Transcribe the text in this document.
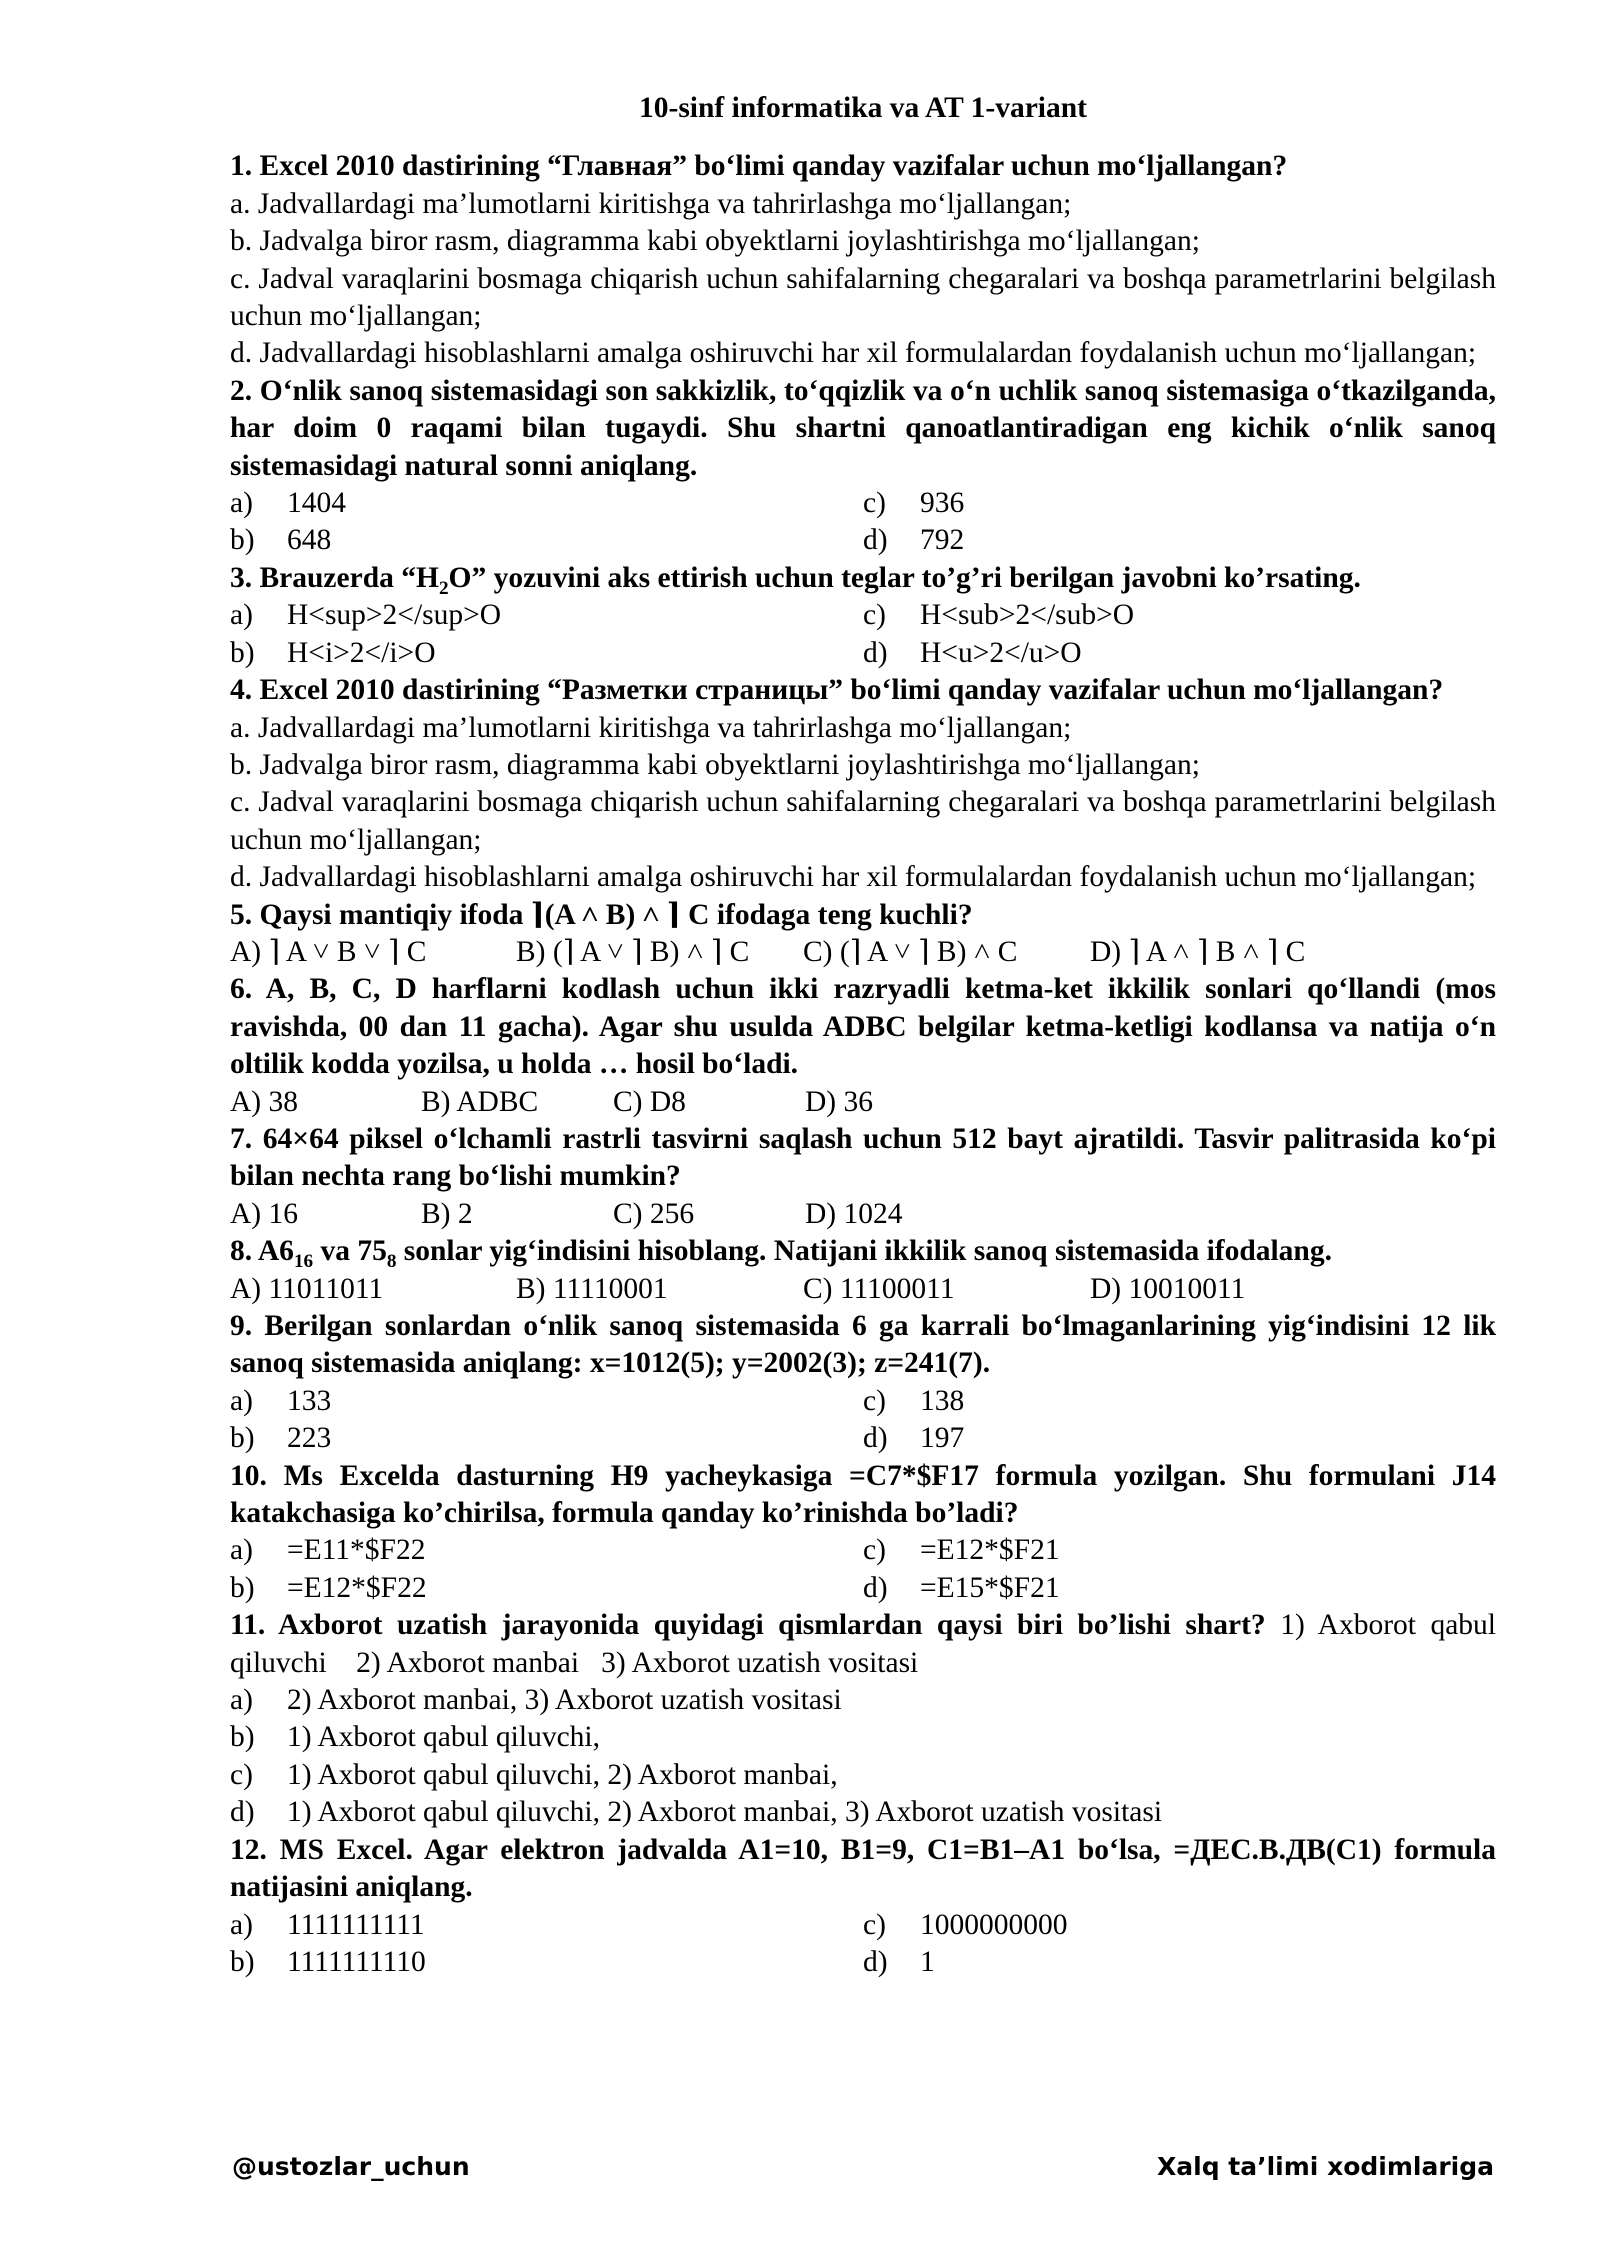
10-sinf informatika va AT 1-variant
1. Excel 2010 dastirining “Главная” bo‘limi qanday vazifalar uchun mo‘ljallangan?
a. Jadvallardagi ma’lumotlarni kiritishga va tahrirlashga mo‘ljallangan;
b. Jadvalga biror rasm, diagramma kabi obyektlarni joylashtirishga mo‘ljallangan;
c. Jadval varaqlarini bosmaga chiqarish uchun sahifalarning chegaralari va boshqa parametrlarini belgilash uchun mo‘ljallangan;
d. Jadvallardagi hisoblashlarni amalga oshiruvchi har xil formulalardan foydalanish uchun mo‘ljallangan;
2. O‘nlik sanoq sistemasidagi son sakkizlik, to‘qqizlik va o‘n uchlik sanoq sistemasiga o‘tkazilganda, har doim 0 raqami bilan tugaydi. Shu shartni qanoatlantiradigan eng kichik o‘nlik sanoq sistemasidagi natural sonni aniqlang.
a)	1404	c)	936
b)	648	d)	792
3. Brauzerda “$H_2O$” yozuvini aks ettirish uchun teglar to’g’ri berilgan javobni ko’rsating.
a)	H<sup>2</sup>O	c)	H<sub>2</sub>O
b)	H<i>2</i>O	d)	H<u>2</u>O
4. Excel 2010 dastirining “Разметки страницы” bo‘limi qanday vazifalar uchun mo‘ljallangan?
a. Jadvallardagi ma’lumotlarni kiritishga va tahrirlashga mo‘ljallangan;
b. Jadvalga biror rasm, diagramma kabi obyektlarni joylashtirishga mo‘ljallangan;
c. Jadval varaqlarini bosmaga chiqarish uchun sahifalarning chegaralari va boshqa parametrlarini belgilash uchun mo‘ljallangan;
d. Jadvallardagi hisoblashlarni amalga oshiruvchi har xil formulalardan foydalanish uchun mo‘ljallangan;
5. Qaysi mantiqiy ifoda ⌉(A ˄ B) ˄ ⌉ C ifodaga teng kuchli?
A) ⌉ A ˅ B ˅ ⌉ C	B) (⌉ A ˅ ⌉ B) ˄ ⌉ C	C) (⌉ A ˅ ⌉ B) ˄ C	D) ⌉ A ˄ ⌉ B ˄ ⌉ C
6. A, B, C, D harflarni kodlash uchun ikki razryadli ketma-ket ikkilik sonlari qo‘llandi (mos ravishda, 00 dan 11 gacha). Agar shu usulda ADBC belgilar ketma-ketligi kodlansa va natija o‘n oltilik kodda yozilsa, u holda … hosil bo‘ladi.
A) 38	B) ADBC	C) D8	D) 36
7. 64×64 piksel o‘lchamli rastrli tasvirni saqlash uchun 512 bayt ajratildi. Tasvir palitrasida ko‘pi bilan nechta rang bo‘lishi mumkin?
A) 16	B) 2	C) 256	D) 1024
8. $A6_{16}$ va $75_8$ sonlar yig‘indisini hisoblang. Natijani ikkilik sanoq sistemasida ifodalang.
A) 11011011	B) 11110001	C) 11100011	D) 10010011
9. Berilgan sonlardan o‘nlik sanoq sistemasida 6 ga karrali bo‘lmaganlarining yig‘indisini 12 lik sanoq sistemasida aniqlang: x=1012(5); y=2002(3); z=241(7).
a)	133	c)	138
b)	223	d)	197
10. Ms Excelda dasturning H9 yacheykasiga =C7*$F17 formula yozilgan. Shu formulani J14 katakchasiga ko’chirilsa, formula qanday ko’rinishda bo’ladi?
a)	=E11*$F22	c)	=E12*$F21
b)	=E12*$F22	d)	=E15*$F21
11. Axborot uzatish jarayonida quyidagi qismlardan qaysi biri bo’lishi shart? 1) Axborot qabul qiluvchi    2) Axborot manbai   3) Axborot uzatish vositasi
a)	2) Axborot manbai, 3) Axborot uzatish vositasi
b)	1) Axborot qabul qiluvchi,
c)	1) Axborot qabul qiluvchi, 2) Axborot manbai,
d)	1) Axborot qabul qiluvchi, 2) Axborot manbai, 3) Axborot uzatish vositasi
12. MS Excel. Agar elektron jadvalda A1=10, B1=9, C1=B1–A1 bo‘lsa, =ДЕС.В.ДВ(C1) formula natijasini aniqlang.
a)	1111111111	c)	1000000000
b)	1111111110	d)	1
@ustozlar_uchun	Xalq ta’limi xodimlariga
